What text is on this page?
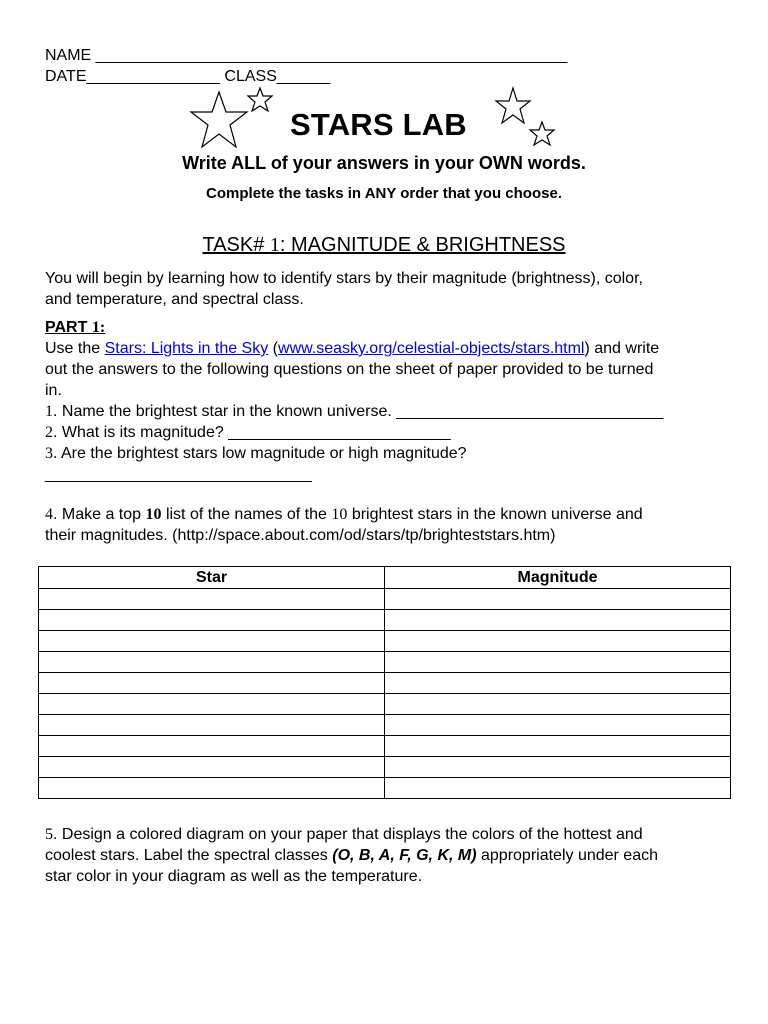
NAME _____________________________________________________
DATE_______________ CLASS______
STARS LAB
Write ALL of your answers in your OWN words.
Complete the tasks in ANY order that you choose.
TASK# 1: MAGNITUDE & BRIGHTNESS
You will begin by learning how to identify stars by their magnitude (brightness), color,
and temperature, and spectral class.
PART 1:
Use the Stars: Lights in the Sky (www.seasky.org/celestial-objects/stars.html) and write
out the answers to the following questions on the sheet of paper provided to be turned
in.
1. Name the brightest star in the known universe. ______________________________
2. What is its magnitude? _________________________
3. Are the brightest stars low magnitude or high magnitude?
______________________________
4. Make a top 10 list of the names of the 10 brightest stars in the known universe and
their magnitudes. (http://space.about.com/od/stars/tp/brighteststars.htm)
Star	Magnitude

5. Design a colored diagram on your paper that displays the colors of the hottest and
coolest stars. Label the spectral classes (O, B, A, F, G, K, M) appropriately under each
star color in your diagram as well as the temperature.
